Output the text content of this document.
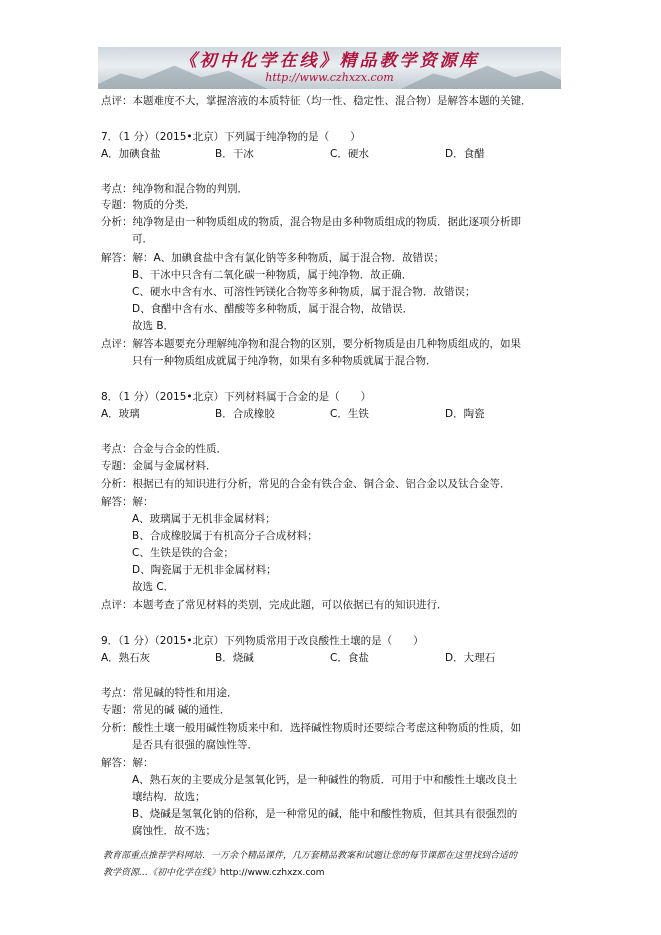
《初中化学在线》精品教学资源库
http://www.czhxzx.com
点评：本题难度不大，掌握溶液的本质特征（均一性、稳定性、混合物）是解答本题的关键．
7．（1 分）（2015•北京）下列属于纯净物的是（　　）
A．加碘食盐	B．干冰	C．硬水	D．食醋
考点：纯净物和混合物的判别．
专题：物质的分类．
分析：纯净物是由一种物质组成的物质，混合物是由多种物质组成的物质．据此逐项分析即
可．
解答：解：A、加碘食盐中含有氯化钠等多种物质，属于混合物．故错误；
B、干冰中只含有二氧化碳一种物质，属于纯净物．故正确．
C、硬水中含有水、可溶性钙镁化合物等多种物质，属于混合物．故错误；
D、食醋中含有水、醋酸等多种物质，属于混合物，故错误．
故选 B．
点评：解答本题要充分理解纯净物和混合物的区别，要分析物质是由几种物质组成的，如果
只有一种物质组成就属于纯净物，如果有多种物质就属于混合物．
8．（1 分）（2015•北京）下列材料属于合金的是（　　）
A．玻璃	B．合成橡胶	C．生铁	D．陶瓷
考点：合金与合金的性质．
专题：金属与金属材料．
分析：根据已有的知识进行分析，常见的合金有铁合金、铜合金、铝合金以及钛合金等．
解答：解：
A、玻璃属于无机非金属材料；
B、合成橡胶属于有机高分子合成材料；
C、生铁是铁的合金；
D、陶瓷属于无机非金属材料；
故选 C．
点评：本题考查了常见材料的类别，完成此题，可以依据已有的知识进行．
9．（1 分）（2015•北京）下列物质常用于改良酸性土壤的是（　　）
A．熟石灰	B．烧碱	C．食盐	D．大理石
考点：常见碱的特性和用途．
专题：常见的碱 碱的通性．
分析：酸性土壤一般用碱性物质来中和．选择碱性物质时还要综合考虑这种物质的性质，如
是否具有很强的腐蚀性等．
解答：解：
A、熟石灰的主要成分是氢氧化钙，是一种碱性的物质．可用于中和酸性土壤改良土
壤结构．故选；
B、烧碱是氢氧化钠的俗称，是一种常见的碱，能中和酸性物质，但其具有很强烈的
腐蚀性．故不选；
教育部重点推荐学科网站．一万余个精品课件，几万套精品教案和试题让您的每节课都在这里找到合适的
教学资源…《初中化学在线》http://www.czhxzx.com
